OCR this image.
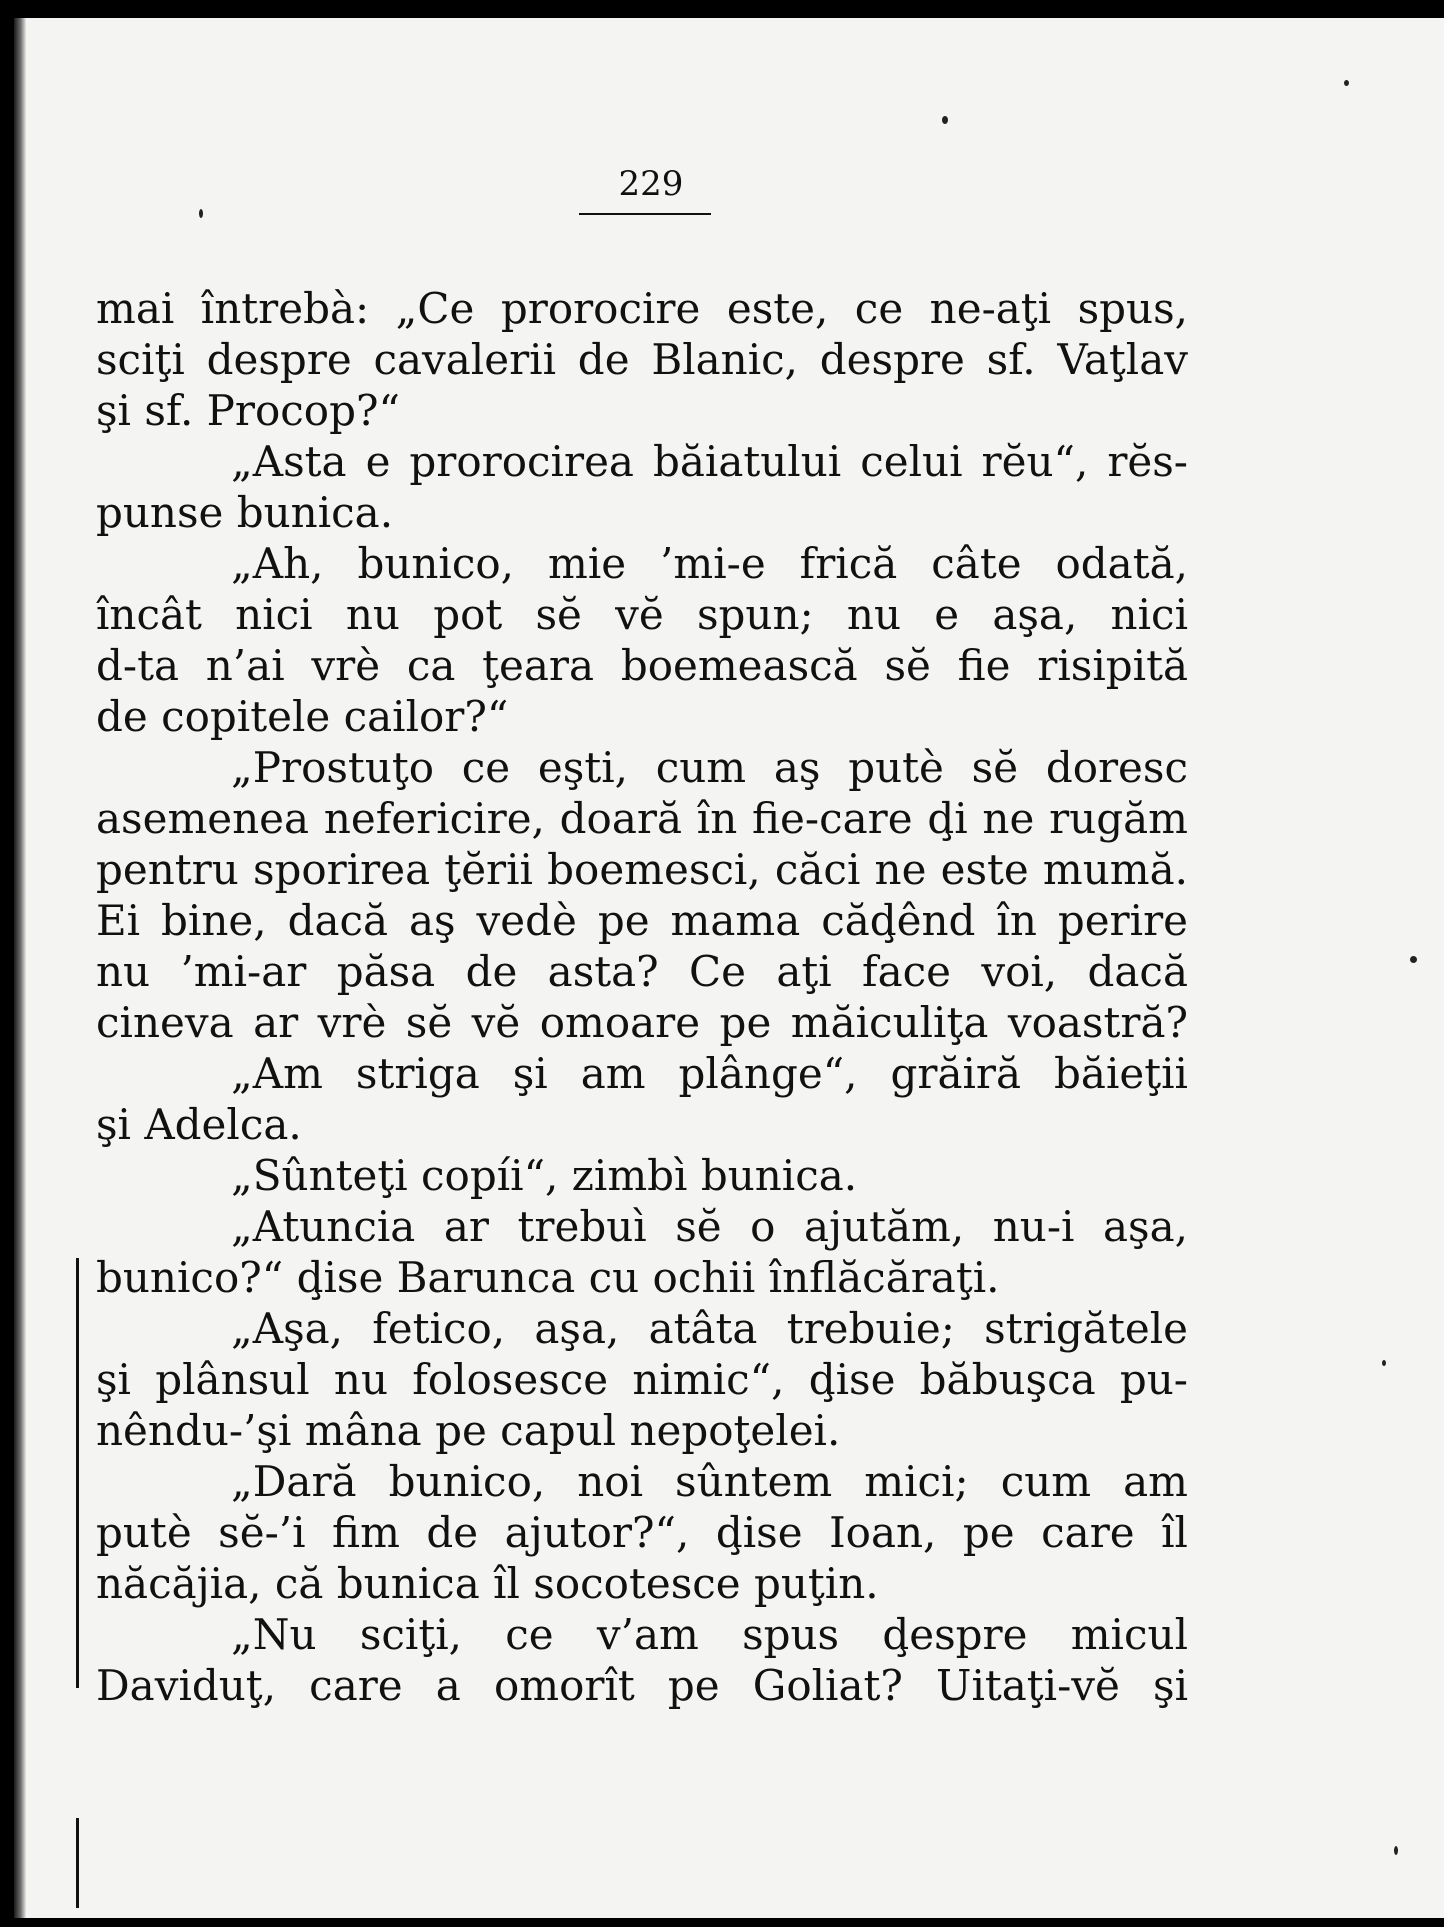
229
mai întrebà: „Ce prorocire este, ce ne-aţi spus,
sciţi despre cavalerii de Blanic, despre sf. Vaţlav
şi sf. Procop?“
„Asta e prorocirea băiatului celui rĕu“, rĕs-
punse bunica.
„Ah, bunico, mie ’mi-e frică câte odată,
încât nici nu pot sĕ vĕ spun; nu e aşa, nici
d-ta n’ai vrè ca ţeara boemească sĕ fie risipită
de copitele cailor?“
„Prostuţo ce eşti, cum aş putè sĕ doresc
asemenea nefericire, doară în fie-care ḑi ne rugăm
pentru sporirea ţĕrii boemesci, căci ne este mumă.
Ei bine, dacă aş vedè pe mama căḑênd în perire
nu ’mi-ar păsa de asta? Ce aţi face voi, dacă
cineva ar vrè sĕ vĕ omoare pe măiculiţa voastră?
„Am striga şi am plânge“, grăiră băieţii
şi Adelca.
„Sûnteţi copíi“, zimbì bunica.
„Atuncia ar trebuì sĕ o ajutăm, nu-i aşa,
bunico?“ ḑise Barunca cu ochii înflăcăraţi.
„Aşa, fetico, aşa, atâta trebuie; strigătele
şi plânsul nu folosesce nimic“, ḑise băbuşca pu-
nêndu-’şi mâna pe capul nepoţelei.
„Dară bunico, noi sûntem mici; cum am
putè sĕ-’i fim de ajutor?“, ḑise Ioan, pe care îl
năcăjia, că bunica îl socotesce puţin.
„Nu sciţi, ce v’am spus ḑespre micul
Daviduţ, care a omorît pe Goliat? Uitaţi-vĕ şi
